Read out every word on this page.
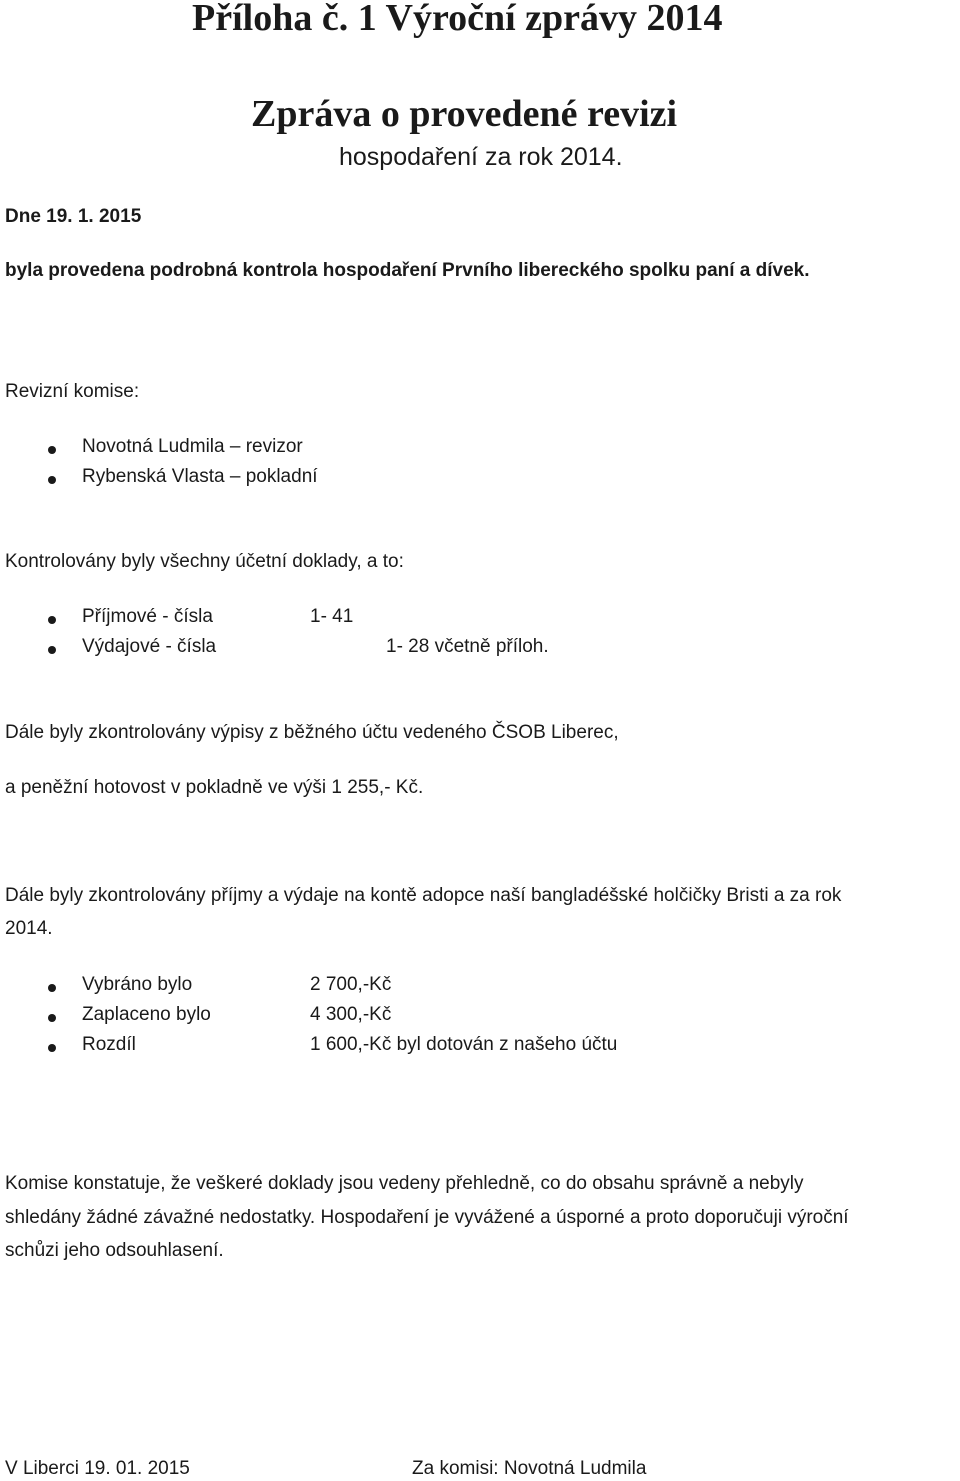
Příloha č. 1 Výroční zprávy 2014
Zpráva o provedené revizi
hospodaření za rok 2014.
Dne 19. 1. 2015
byla provedena podrobná kontrola hospodaření Prvního libereckého spolku paní a dívek.
Revizní komise:
Novotná Ludmila – revizor
Rybenská Vlasta – pokladní
Kontrolovány byly všechny účetní doklady, a to:
Příjmové - čísla	1- 41
Výdajové - čísla	1- 28 včetně příloh.
Dále byly zkontrolovány výpisy z běžného účtu vedeného ČSOB Liberec,
a peněžní hotovost v pokladně ve výši 1 255,- Kč.
Dále byly zkontrolovány příjmy a výdaje na kontě adopce naší bangladéšské holčičky Bristi a za rok
2014.
Vybráno bylo	2 700,-Kč
Zaplaceno bylo	4 300,-Kč
Rozdíl	1 600,-Kč byl dotován z našeho účtu
Komise konstatuje, že veškeré doklady jsou vedeny přehledně, co do obsahu správně a nebyly
shledány žádné závažné nedostatky. Hospodaření je vyvážené a úsporné a proto doporučuji výroční
schůzi jeho odsouhlasení.
V Liberci 19. 01. 2015	Za komisi: Novotná Ludmila
